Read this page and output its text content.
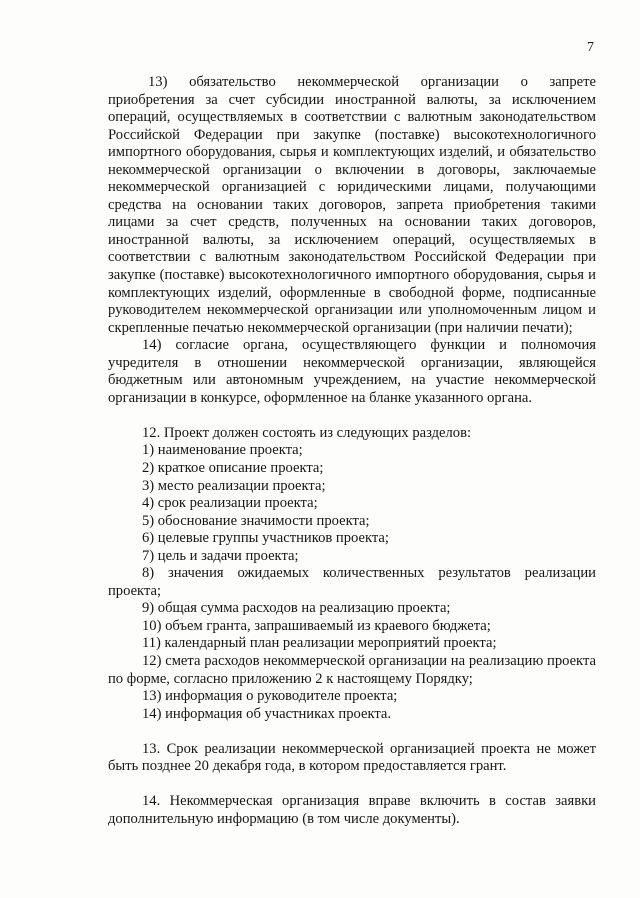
7

13) обязательство некоммерческой организации о запрете приобретения за счет субсидии иностранной валюты, за исключением операций, осуществляемых в соответствии с валютным законодательством Российской Федерации при закупке (поставке) высокотехнологичного импортного оборудования, сырья и комплектующих изделий, и обязательство некоммерческой организации о включении в договоры, заключаемые некоммерческой организацией с юридическими лицами, получающими средства на основании таких договоров, запрета приобретения такими лицами за счет средств, полученных на основании таких договоров, иностранной валюты, за исключением операций, осуществляемых в соответствии с валютным законодательством Российской Федерации при закупке (поставке) высокотехнологичного импортного оборудования, сырья и комплектующих изделий, оформленные в свободной форме, подписанные руководителем некоммерческой организации или уполномоченным лицом и скрепленные печатью некоммерческой организации (при наличии печати);

14) согласие органа, осуществляющего функции и полномочия учредителя в отношении некоммерческой организации, являющейся бюджетным или автономным учреждением, на участие некоммерческой организации в конкурсе, оформленное на бланке указанного органа.

12. Проект должен состоять из следующих разделов:

1) наименование проекта;
2) краткое описание проекта;
3) место реализации проекта;
4) срок реализации проекта;
5) обоснование значимости проекта;
6) целевые группы участников проекта;
7) цель и задачи проекта;
8) значения ожидаемых количественных результатов реализации проекта;
9) общая сумма расходов на реализацию проекта;
10) объем гранта, запрашиваемый из краевого бюджета;
11) календарный план реализации мероприятий проекта;
12) смета расходов некоммерческой организации на реализацию проекта по форме, согласно приложению 2 к настоящему Порядку;
13) информация о руководителе проекта;
14) информация об участниках проекта.

13. Срок реализации некоммерческой организацией проекта не может быть позднее 20 декабря года, в котором предоставляется грант.

14. Некоммерческая организация вправе включить в состав заявки дополнительную информацию (в том числе документы).
